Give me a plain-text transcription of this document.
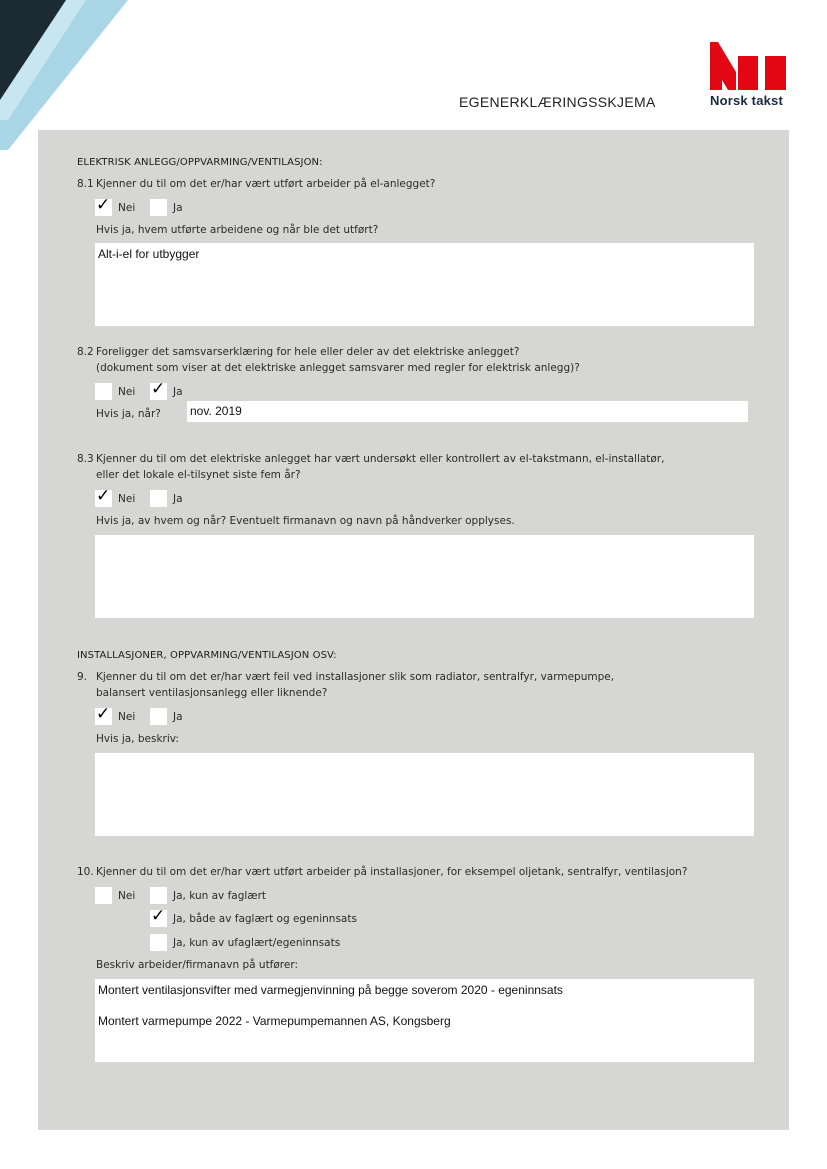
Norsk takst
EGENERKLÆRINGSSKJEMA
ELEKTRISK ANLEGG/OPPVARMING/VENTILASJON:
8.1 Kjenner du til om det er/har vært utført arbeider på el-anlegget?
✓ Nei	Ja
Hvis ja, hvem utførte arbeidene og når ble det utført?
Alt-i-el for utbygger
8.2 Foreligger det samsvarserklæring for hele eller deler av det elektriske anlegget?
(dokument som viser at det elektriske anlegget samsvarer med regler for elektrisk anlegg)?
Nei ✓ Ja
Hvis ja, når? nov. 2019
8.3 Kjenner du til om det elektriske anlegget har vært undersøkt eller kontrollert av el-takstmann, el-installatør,
eller det lokale el-tilsynet siste fem år?
✓ Nei	Ja
Hvis ja, av hvem og når? Eventuelt firmanavn og navn på håndverker opplyses.
INSTALLASJONER, OPPVARMING/VENTILASJON OSV:
9. Kjenner du til om det er/har vært feil ved installasjoner slik som radiator, sentralfyr, varmepumpe,
balansert ventilasjonsanlegg eller liknende?
✓ Nei	Ja
Hvis ja, beskriv:
10. Kjenner du til om det er/har vært utført arbeider på installasjoner, for eksempel oljetank, sentralfyr, ventilasjon?
Nei	Ja, kun av faglært
✓ Ja, både av faglært og egeninnsats
Ja, kun av ufaglært/egeninnsats
Beskriv arbeider/firmanavn på utfører:
Montert ventilasjonsvifter med varmegjenvinning på begge soverom 2020 - egeninnsats
Montert varmepumpe 2022 - Varmepumpemannen AS, Kongsberg
